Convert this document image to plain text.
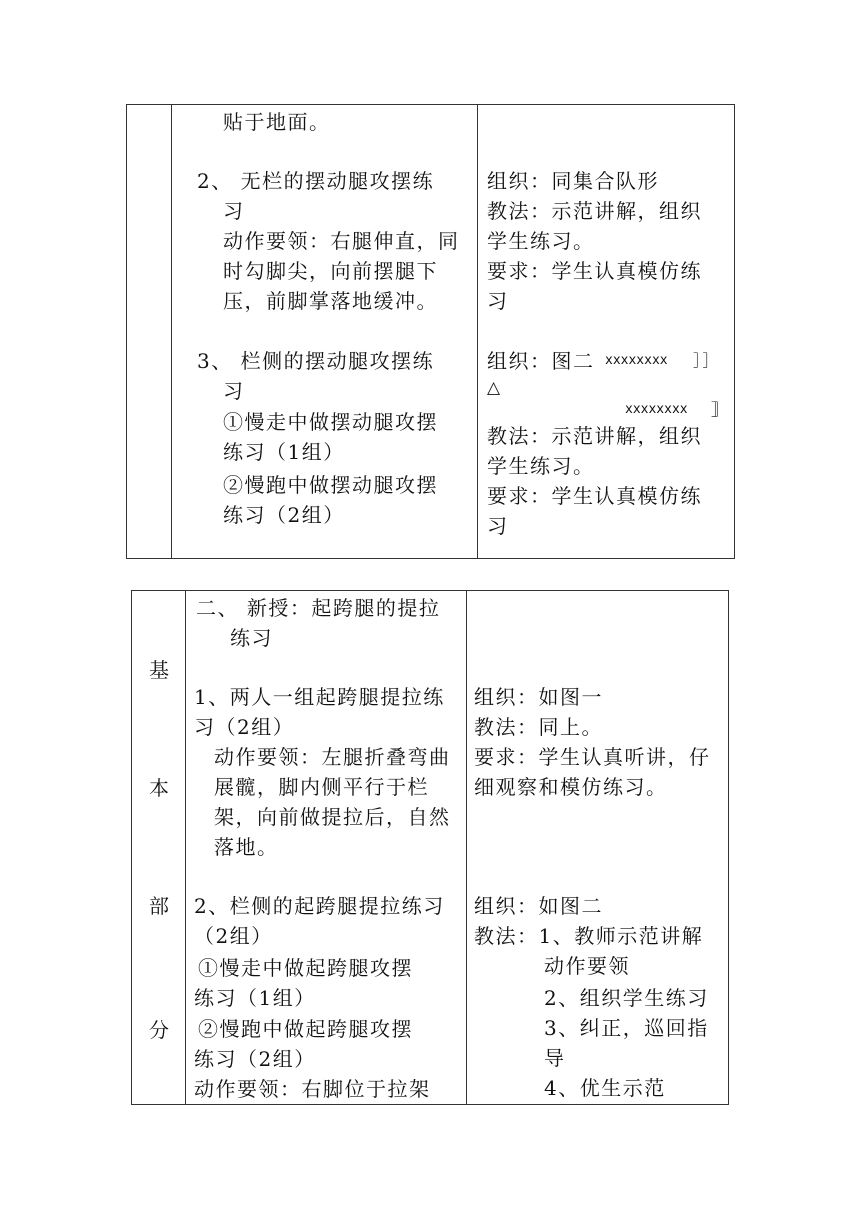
贴于地面。
2、 无栏的摆动腿攻摆练
习
动作要领：右腿伸直，同
时勾脚尖，向前摆腿下
压，前脚掌落地缓冲。
3、 栏侧的摆动腿攻摆练
习
①慢走中做摆动腿攻摆
练习（1组）
②慢跑中做摆动腿攻摆
练习（2组）
组织：同集合队形
教法：示范讲解，组织
学生练习。
要求：学生认真模仿练
习
组织：图二 xxxxxxxx ］］
△
xxxxxxxx ］］
教法：示范讲解，组织
学生练习。
要求：学生认真模仿练
习
基
本
部
分
二、 新授：起跨腿的提拉
练习
1、两人一组起跨腿提拉练
习（2组）
动作要领：左腿折叠弯曲
展髋，脚内侧平行于栏
架，向前做提拉后，自然
落地。
2、栏侧的起跨腿提拉练习
（2组）
①慢走中做起跨腿攻摆
练习（1组）
②慢跑中做起跨腿攻摆
练习（2组）
动作要领：右脚位于拉架
组织：如图一
教法：同上。
要求：学生认真听讲，仔
细观察和模仿练习。
组织：如图二
教法：1、教师示范讲解
动作要领
2、组织学生练习
3、纠正，巡回指
导
4、优生示范
